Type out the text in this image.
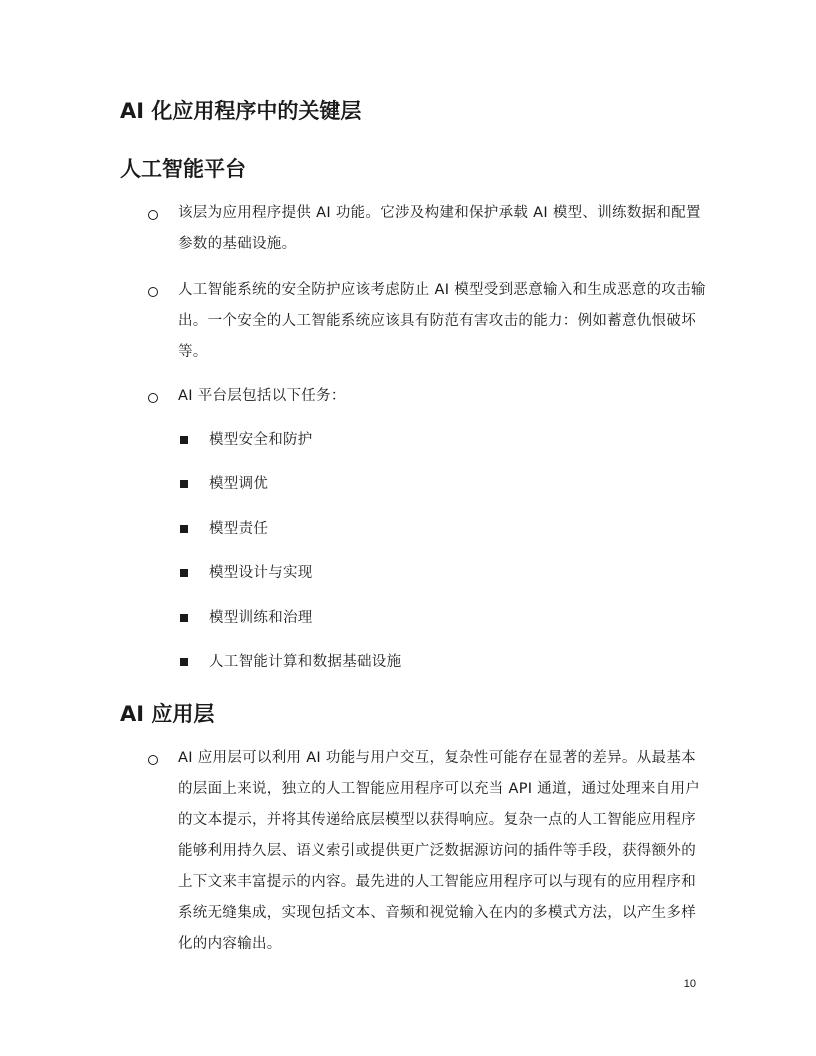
AI 化应用程序中的关键层
人工智能平台
该层为应用程序提供 AI 功能。它涉及构建和保护承载 AI 模型、训练数据和配置参数的基础设施。
人工智能系统的安全防护应该考虑防止 AI 模型受到恶意输入和生成恶意的攻击输出。一个安全的人工智能系统应该具有防范有害攻击的能力：例如蓄意仇恨破坏等。
AI 平台层包括以下任务：
模型安全和防护
模型调优
模型责任
模型设计与实现
模型训练和治理
人工智能计算和数据基础设施
AI 应用层
AI 应用层可以利用 AI 功能与用户交互，复杂性可能存在显著的差异。从最基本的层面上来说，独立的人工智能应用程序可以充当 API 通道，通过处理来自用户的文本提示，并将其传递给底层模型以获得响应。复杂一点的人工智能应用程序能够利用持久层、语义索引或提供更广泛数据源访问的插件等手段，获得额外的上下文来丰富提示的内容。最先进的人工智能应用程序可以与现有的应用程序和系统无缝集成，实现包括文本、音频和视觉输入在内的多模式方法，以产生多样化的内容输出。
10
